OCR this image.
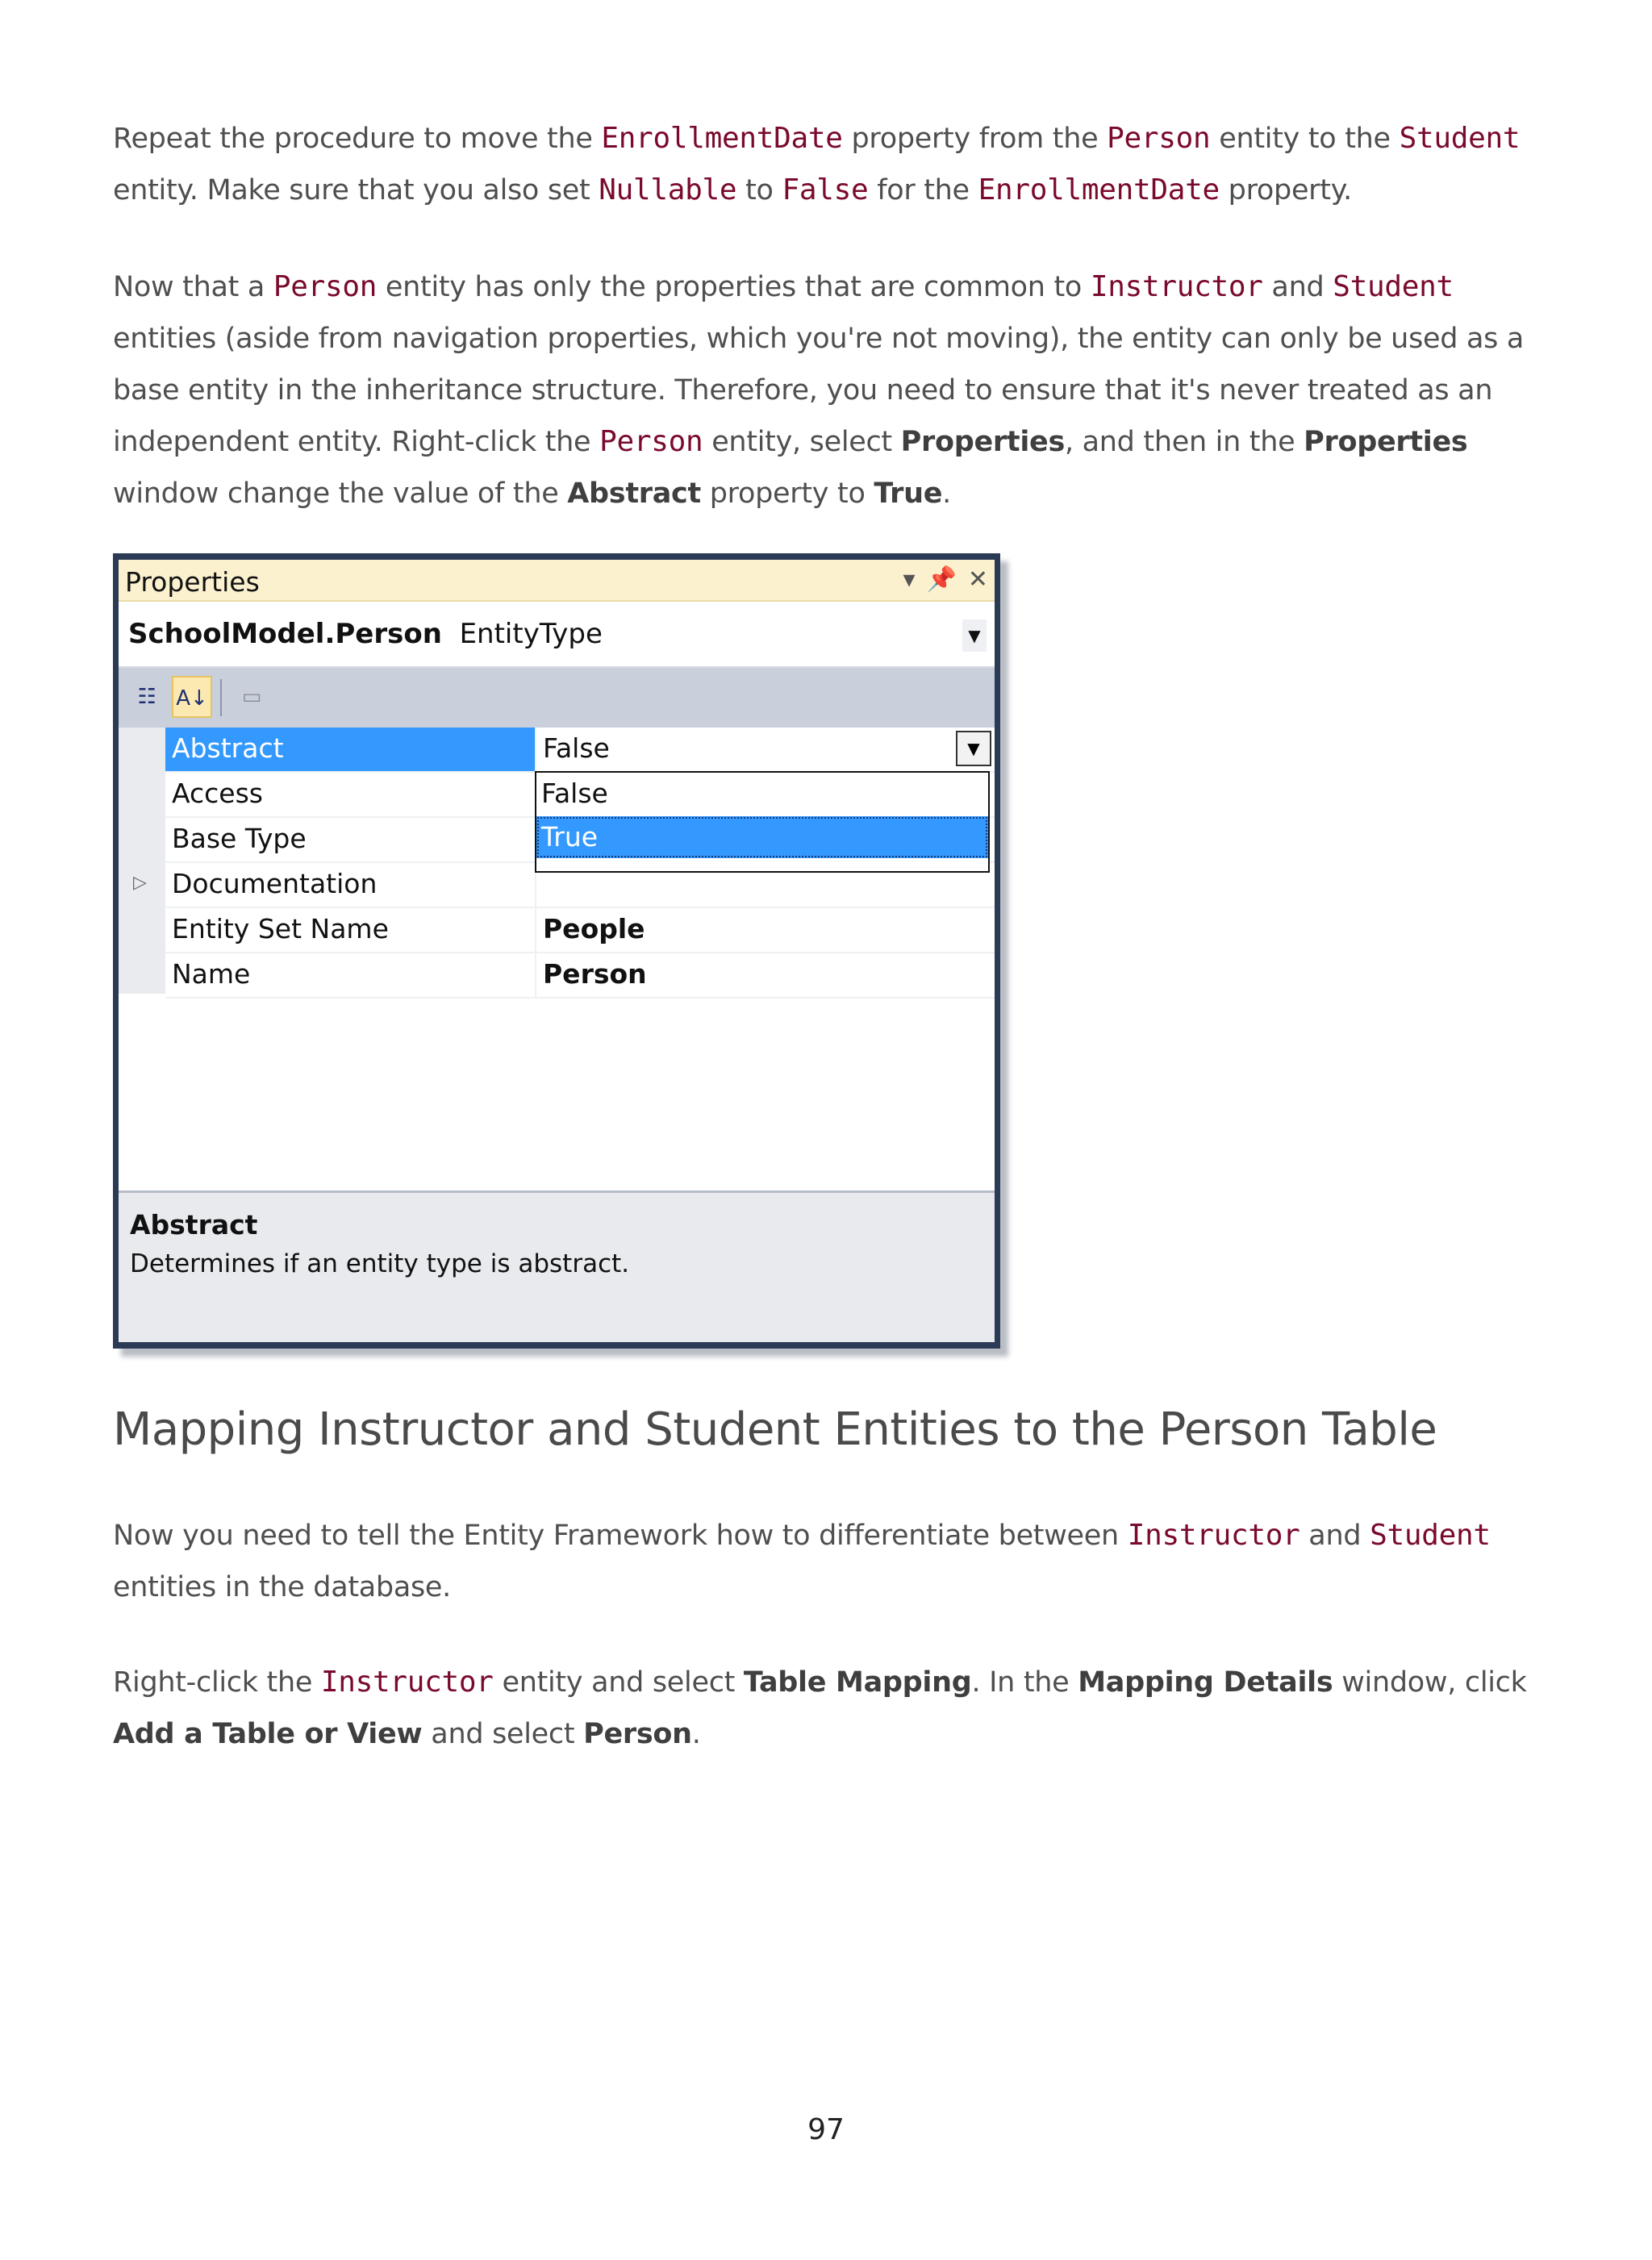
Repeat the procedure to move the EnrollmentDate property from the Person entity to the Student entity. Make sure that you also set Nullable to False for the EnrollmentDate property.

Now that a Person entity has only the properties that are common to Instructor and Student entities (aside from navigation properties, which you're not moving), the entity can only be used as a base entity in the inheritance structure. Therefore, you need to ensure that it's never treated as an independent entity. Right-click the Person entity, select Properties, and then in the Properties window change the value of the Abstract property to True.

Properties	▾ 📌 ✕
SchoolModel.Person EntityType	▼
☷ A↓	▭
Abstract	False	▼
Access
Base Type
▷ Documentation
Entity Set Name	People
Name	Person
False
True
Abstract
Determines if an entity type is abstract.
Mapping Instructor and Student Entities to the Person Table

Now you need to tell the Entity Framework how to differentiate between Instructor and Student entities in the database.

Right-click the Instructor entity and select Table Mapping. In the Mapping Details window, click Add a Table or View and select Person.

97
